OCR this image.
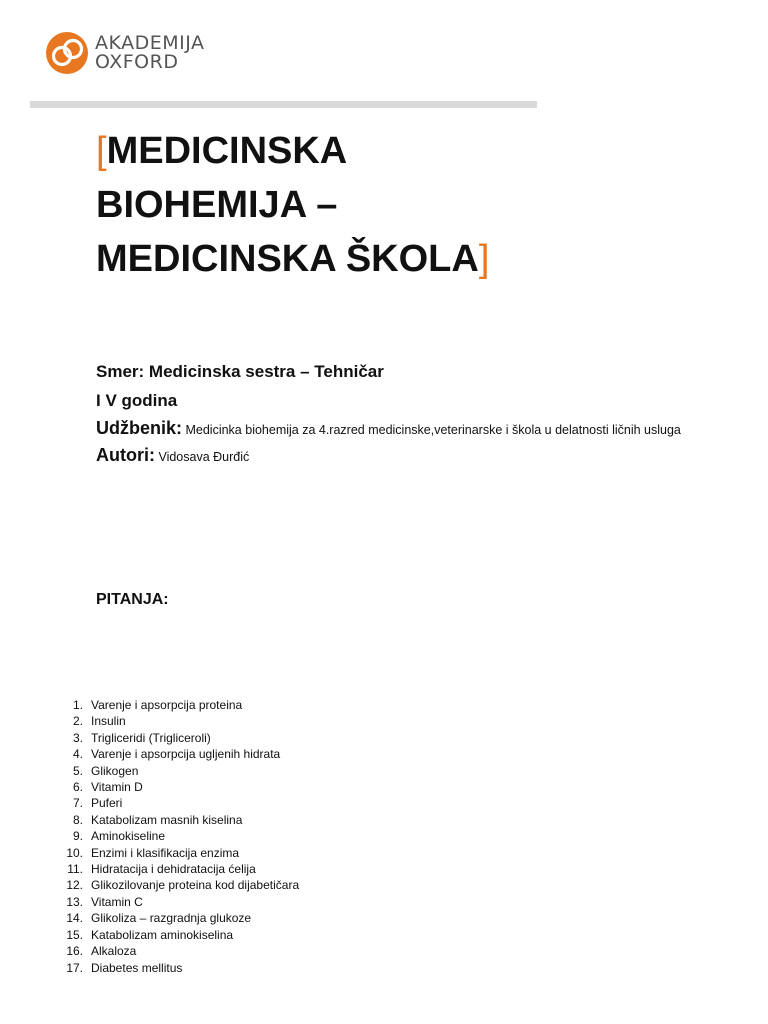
AKADEMIJA
OXFORD
[MEDICINSKA
BIOHEMIJA –
MEDICINSKA ŠKOLA]
Smer: Medicinska sestra – Tehničar
I V godina
Udžbenik: Medicinka biohemija za 4.razred medicinske,veterinarske i škola u delatnosti ličnih usluga
Autori: Vidosava Đurđić
PITANJA:
1. Varenje i apsorpcija proteina
2. Insulin
3. Trigliceridi (Trigliceroli)
4. Varenje i apsorpcija ugljenih hidrata
5. Glikogen
6. Vitamin D
7. Puferi
8. Katabolizam masnih kiselina
9. Aminokiseline
10. Enzimi i klasifikacija enzima
11. Hidratacija i dehidratacija ćelija
12. Glikozilovanje proteina kod dijabetičara
13. Vitamin C
14. Glikoliza – razgradnja glukoze
15. Katabolizam aminokiselina
16. Alkaloza
17. Diabetes mellitus
